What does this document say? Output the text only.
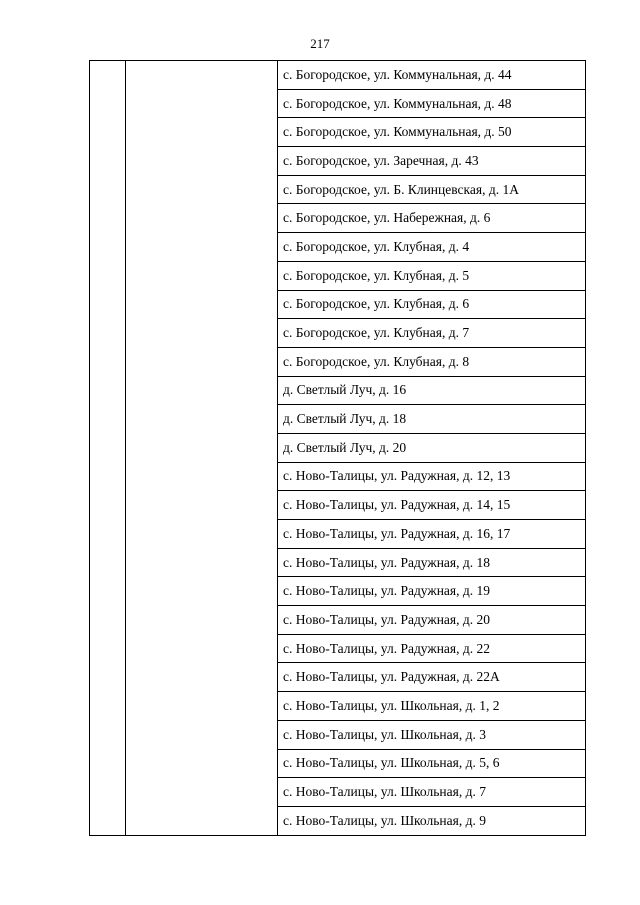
217
		с. Богородское, ул. Коммунальная, д. 44
с. Богородское, ул. Коммунальная, д. 48
с. Богородское, ул. Коммунальная, д. 50
с. Богородское, ул. Заречная, д. 43
с. Богородское, ул. Б. Клинцевская, д. 1А
с. Богородское, ул. Набережная, д. 6
с. Богородское, ул. Клубная, д. 4
с. Богородское, ул. Клубная, д. 5
с. Богородское, ул. Клубная, д. 6
с. Богородское, ул. Клубная, д. 7
с. Богородское, ул. Клубная, д. 8
д. Светлый Луч, д. 16
д. Светлый Луч, д. 18
д. Светлый Луч, д. 20
с. Ново-Талицы, ул. Радужная, д. 12, 13
с. Ново-Талицы, ул. Радужная, д. 14, 15
с. Ново-Талицы, ул. Радужная, д. 16, 17
с. Ново-Талицы, ул. Радужная, д. 18
с. Ново-Талицы, ул. Радужная, д. 19
с. Ново-Талицы, ул. Радужная, д. 20
с. Ново-Талицы, ул. Радужная, д. 22
с. Ново-Талицы, ул. Радужная, д. 22А
с. Ново-Талицы, ул. Школьная, д. 1, 2
с. Ново-Талицы, ул. Школьная, д. 3
с. Ново-Талицы, ул. Школьная, д. 5, 6
с. Ново-Талицы, ул. Школьная, д. 7
с. Ново-Талицы, ул. Школьная, д. 9
